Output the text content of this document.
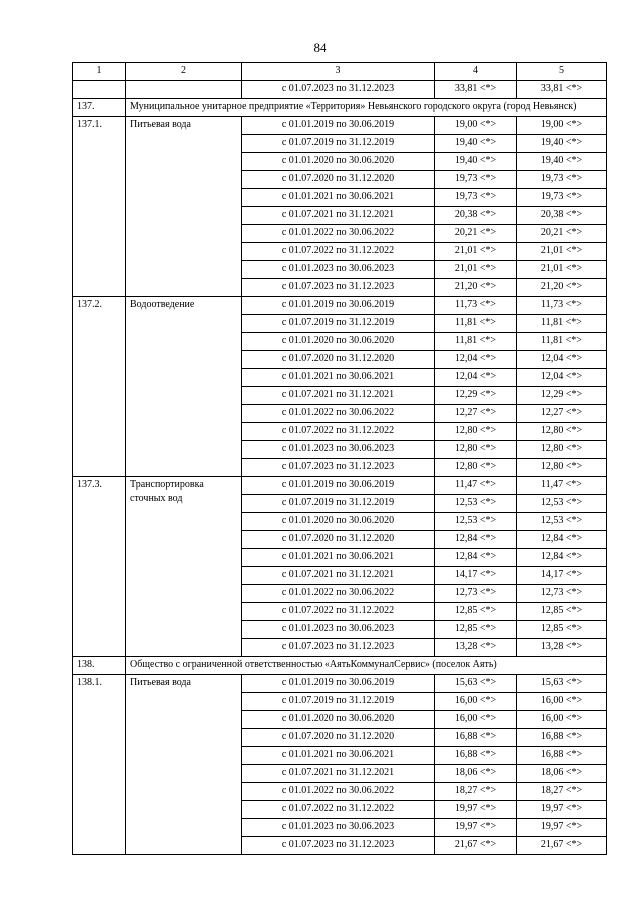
84
1	2	3	4	5
		с 01.07.2023 по 31.12.2023	33,81 <*>	33,81 <*>
137.	Муниципальное унитарное предприятие «Территория» Невьянского городского округа (город Невьянск)			
137.1.	Питьевая вода	с 01.01.2019 по 30.06.2019	19,00 <*>	19,00 <*>
		с 01.07.2019 по 31.12.2019	19,40 <*>	19,40 <*>
		с 01.01.2020 по 30.06.2020	19,40 <*>	19,40 <*>
		с 01.07.2020 по 31.12.2020	19,73 <*>	19,73 <*>
		с 01.01.2021 по 30.06.2021	19,73 <*>	19,73 <*>
		с 01.07.2021 по 31.12.2021	20,38 <*>	20,38 <*>
		с 01.01.2022 по 30.06.2022	20,21 <*>	20,21 <*>
		с 01.07.2022 по 31.12.2022	21,01 <*>	21,01 <*>
		с 01.01.2023 по 30.06.2023	21,01 <*>	21,01 <*>
		с 01.07.2023 по 31.12.2023	21,20 <*>	21,20 <*>
137.2.	Водоотведение	с 01.01.2019 по 30.06.2019	11,73 <*>	11,73 <*>
		с 01.07.2019 по 31.12.2019	11,81 <*>	11,81 <*>
		с 01.01.2020 по 30.06.2020	11,81 <*>	11,81 <*>
		с 01.07.2020 по 31.12.2020	12,04 <*>	12,04 <*>
		с 01.01.2021 по 30.06.2021	12,04 <*>	12,04 <*>
		с 01.07.2021 по 31.12.2021	12,29 <*>	12,29 <*>
		с 01.01.2022 по 30.06.2022	12,27 <*>	12,27 <*>
		с 01.07.2022 по 31.12.2022	12,80 <*>	12,80 <*>
		с 01.01.2023 по 30.06.2023	12,80 <*>	12,80 <*>
		с 01.07.2023 по 31.12.2023	12,80 <*>	12,80 <*>
137.3.	Транспортировка сточных вод	с 01.01.2019 по 30.06.2019	11,47 <*>	11,47 <*>
		с 01.07.2019 по 31.12.2019	12,53 <*>	12,53 <*>
		с 01.01.2020 по 30.06.2020	12,53 <*>	12,53 <*>
		с 01.07.2020 по 31.12.2020	12,84 <*>	12,84 <*>
		с 01.01.2021 по 30.06.2021	12,84 <*>	12,84 <*>
		с 01.07.2021 по 31.12.2021	14,17 <*>	14,17 <*>
		с 01.01.2022 по 30.06.2022	12,73 <*>	12,73 <*>
		с 01.07.2022 по 31.12.2022	12,85 <*>	12,85 <*>
		с 01.01.2023 по 30.06.2023	12,85 <*>	12,85 <*>
		с 01.07.2023 по 31.12.2023	13,28 <*>	13,28 <*>
138.	Общество с ограниченной ответственностью «АятьКоммуналСервис» (поселок Аять)			
138.1.	Питьевая вода	с 01.01.2019 по 30.06.2019	15,63 <*>	15,63 <*>
		с 01.07.2019 по 31.12.2019	16,00 <*>	16,00 <*>
		с 01.01.2020 по 30.06.2020	16,00 <*>	16,00 <*>
		с 01.07.2020 по 31.12.2020	16,88 <*>	16,88 <*>
		с 01.01.2021 по 30.06.2021	16,88 <*>	16,88 <*>
		с 01.07.2021 по 31.12.2021	18,06 <*>	18,06 <*>
		с 01.01.2022 по 30.06.2022	18,27 <*>	18,27 <*>
		с 01.07.2022 по 31.12.2022	19,97 <*>	19,97 <*>
		с 01.01.2023 по 30.06.2023	19,97 <*>	19,97 <*>
		с 01.07.2023 по 31.12.2023	21,67 <*>	21,67 <*>
